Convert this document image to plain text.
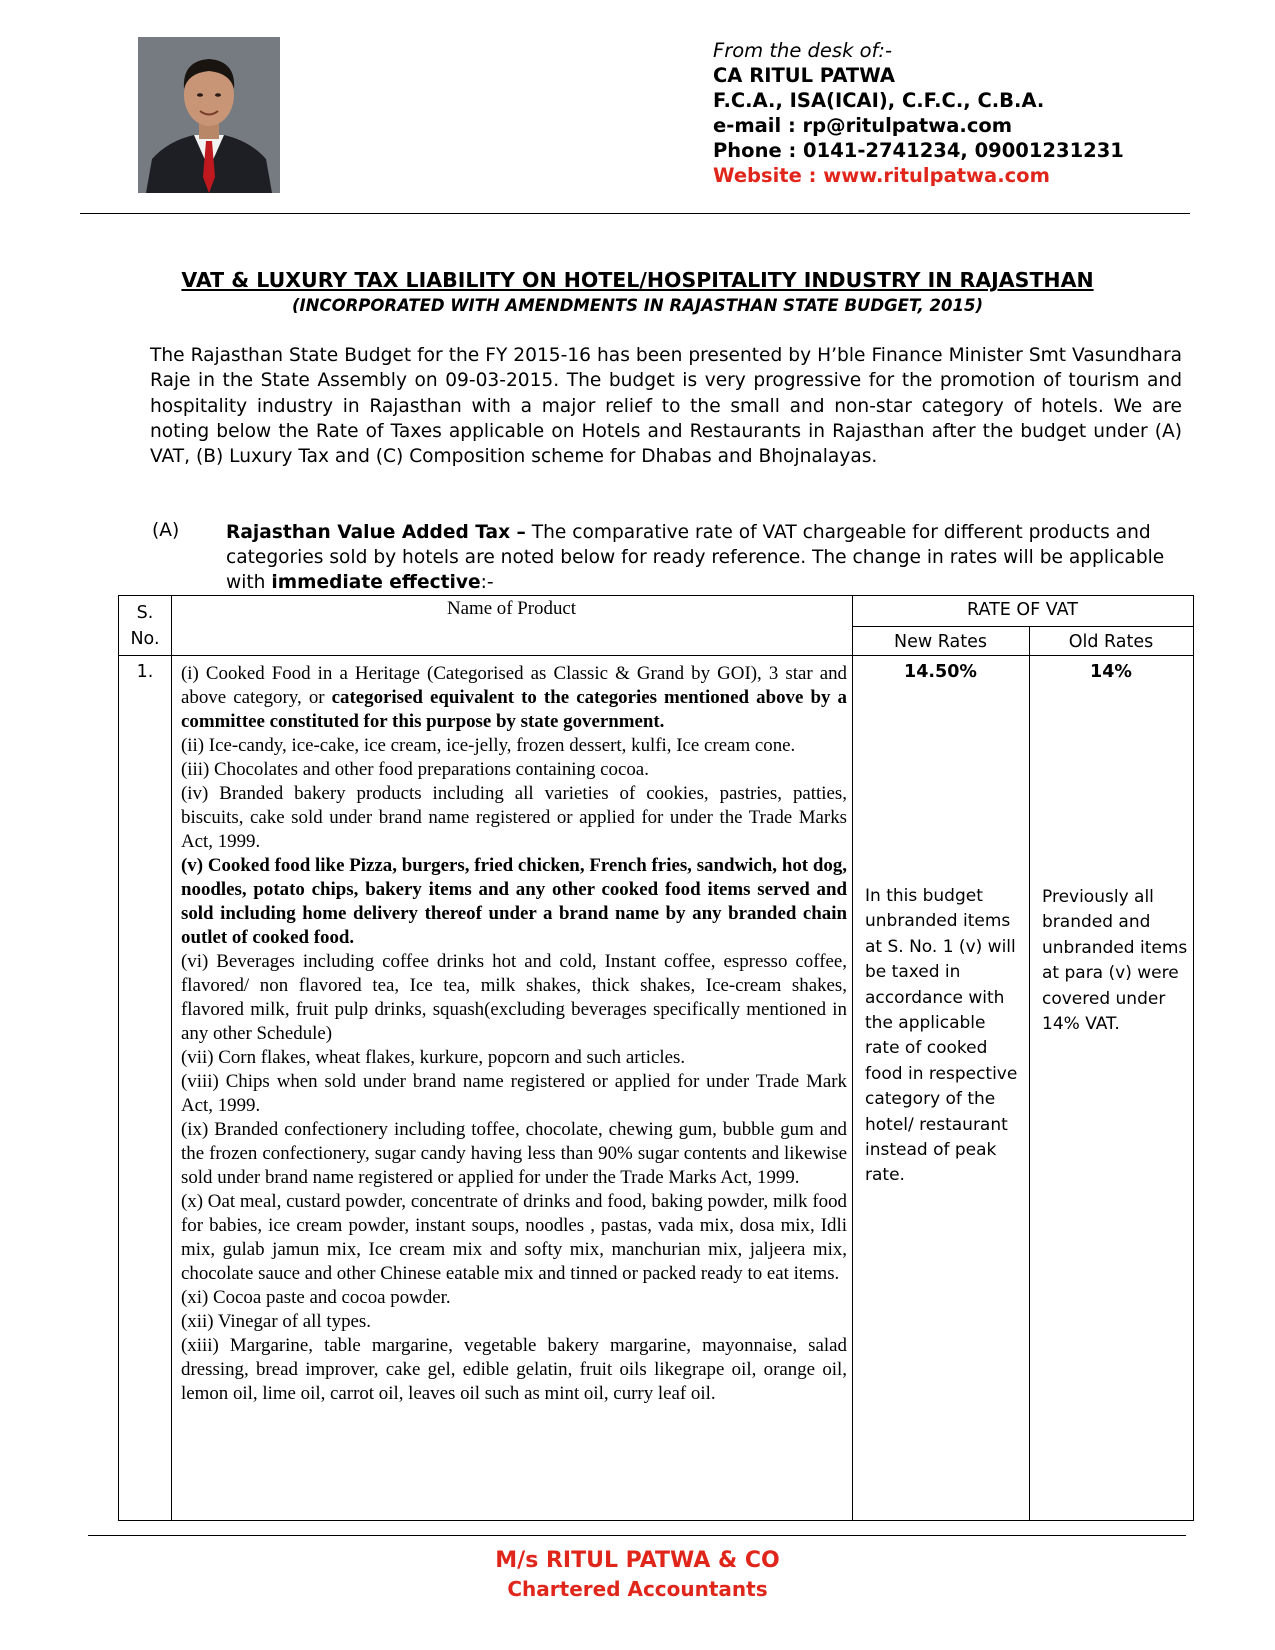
From the desk of:-
CA RITUL PATWA
F.C.A., ISA(ICAI), C.F.C., C.B.A.
e-mail : rp@ritulpatwa.com
Phone : 0141-2741234, 09001231231
Website : www.ritulpatwa.com
VAT & LUXURY TAX LIABILITY ON HOTEL/HOSPITALITY INDUSTRY IN RAJASTHAN
(INCORPORATED WITH AMENDMENTS IN RAJASTHAN STATE BUDGET, 2015)
The Rajasthan State Budget for the FY 2015-16 has been presented by H’ble Finance Minister Smt Vasundhara Raje in the State Assembly on 09-03-2015. The budget is very progressive for the promotion of tourism and hospitality industry in Rajasthan with a major relief to the small and non-star category of hotels. We are noting below the Rate of Taxes applicable on Hotels and Restaurants in Rajasthan after the budget under (A) VAT, (B) Luxury Tax and (C) Composition scheme for Dhabas and Bhojnalayas.
(A)	Rajasthan Value Added Tax – The comparative rate of VAT chargeable for different products and categories sold by hotels are noted below for ready reference. The change in rates will be applicable with immediate effective:-
S.
No.
Name of Product	RATE OF VAT
New Rates	Old Rates
1.	(i) Cooked Food in a Heritage (Categorised as Classic & Grand by GOI), 3 star and above category, or categorised equivalent to the categories mentioned above by a committee constituted for this purpose by state government.

(ii) Ice-candy, ice-cake, ice cream, ice-jelly, frozen dessert, kulfi, Ice cream cone.

(iii) Chocolates and other food preparations containing cocoa.

(iv) Branded bakery products including all varieties of cookies, pastries, patties, biscuits, cake sold under brand name registered or applied for under the Trade Marks Act, 1999.

(v) Cooked food like Pizza, burgers, fried chicken, French fries, sandwich, hot dog, noodles, potato chips, bakery items and any other cooked food items served and sold including home delivery thereof under a brand name by any branded chain outlet of cooked food.

(vi) Beverages including coffee drinks hot and cold, Instant coffee, espresso coffee, flavored/ non flavored tea, Ice tea, milk shakes, thick shakes, Ice-cream shakes, flavored milk, fruit pulp drinks, squash(excluding beverages specifically mentioned in any other Schedule)

(vii) Corn flakes, wheat flakes, kurkure, popcorn and such articles.

(viii) Chips when sold under brand name registered or applied for under Trade Mark Act, 1999.

(ix) Branded confectionery including toffee, chocolate, chewing gum, bubble gum and the frozen confectionery, sugar candy having less than 90% sugar contents and likewise sold under brand name registered or applied for under the Trade Marks Act, 1999.

(x) Oat meal, custard powder, concentrate of drinks and food, baking powder, milk food for babies, ice cream powder, instant soups, noodles , pastas, vada mix, dosa mix, Idli mix, gulab jamun mix, Ice cream mix and softy mix, manchurian mix, jaljeera mix, chocolate sauce and other Chinese eatable mix and tinned or packed ready to eat items.

(xi) Cocoa paste and cocoa powder.

(xii) Vinegar of all types.

(xiii) Margarine, table margarine, vegetable bakery margarine, mayonnaise, salad dressing, bread improver, cake gel, edible gelatin, fruit oils likegrape oil, orange oil, lemon oil, lime oil, carrot oil, leaves oil such as mint oil, curry leaf oil.

14.50%	14%
In this budget unbranded items at S. No. 1 (v) will be taxed in accordance with the applicable rate of cooked food in respective category of the hotel/ restaurant instead of peak rate.
Previously all branded and unbranded items at para (v) were covered under 14% VAT.
M/s RITUL PATWA & CO
Chartered Accountants
